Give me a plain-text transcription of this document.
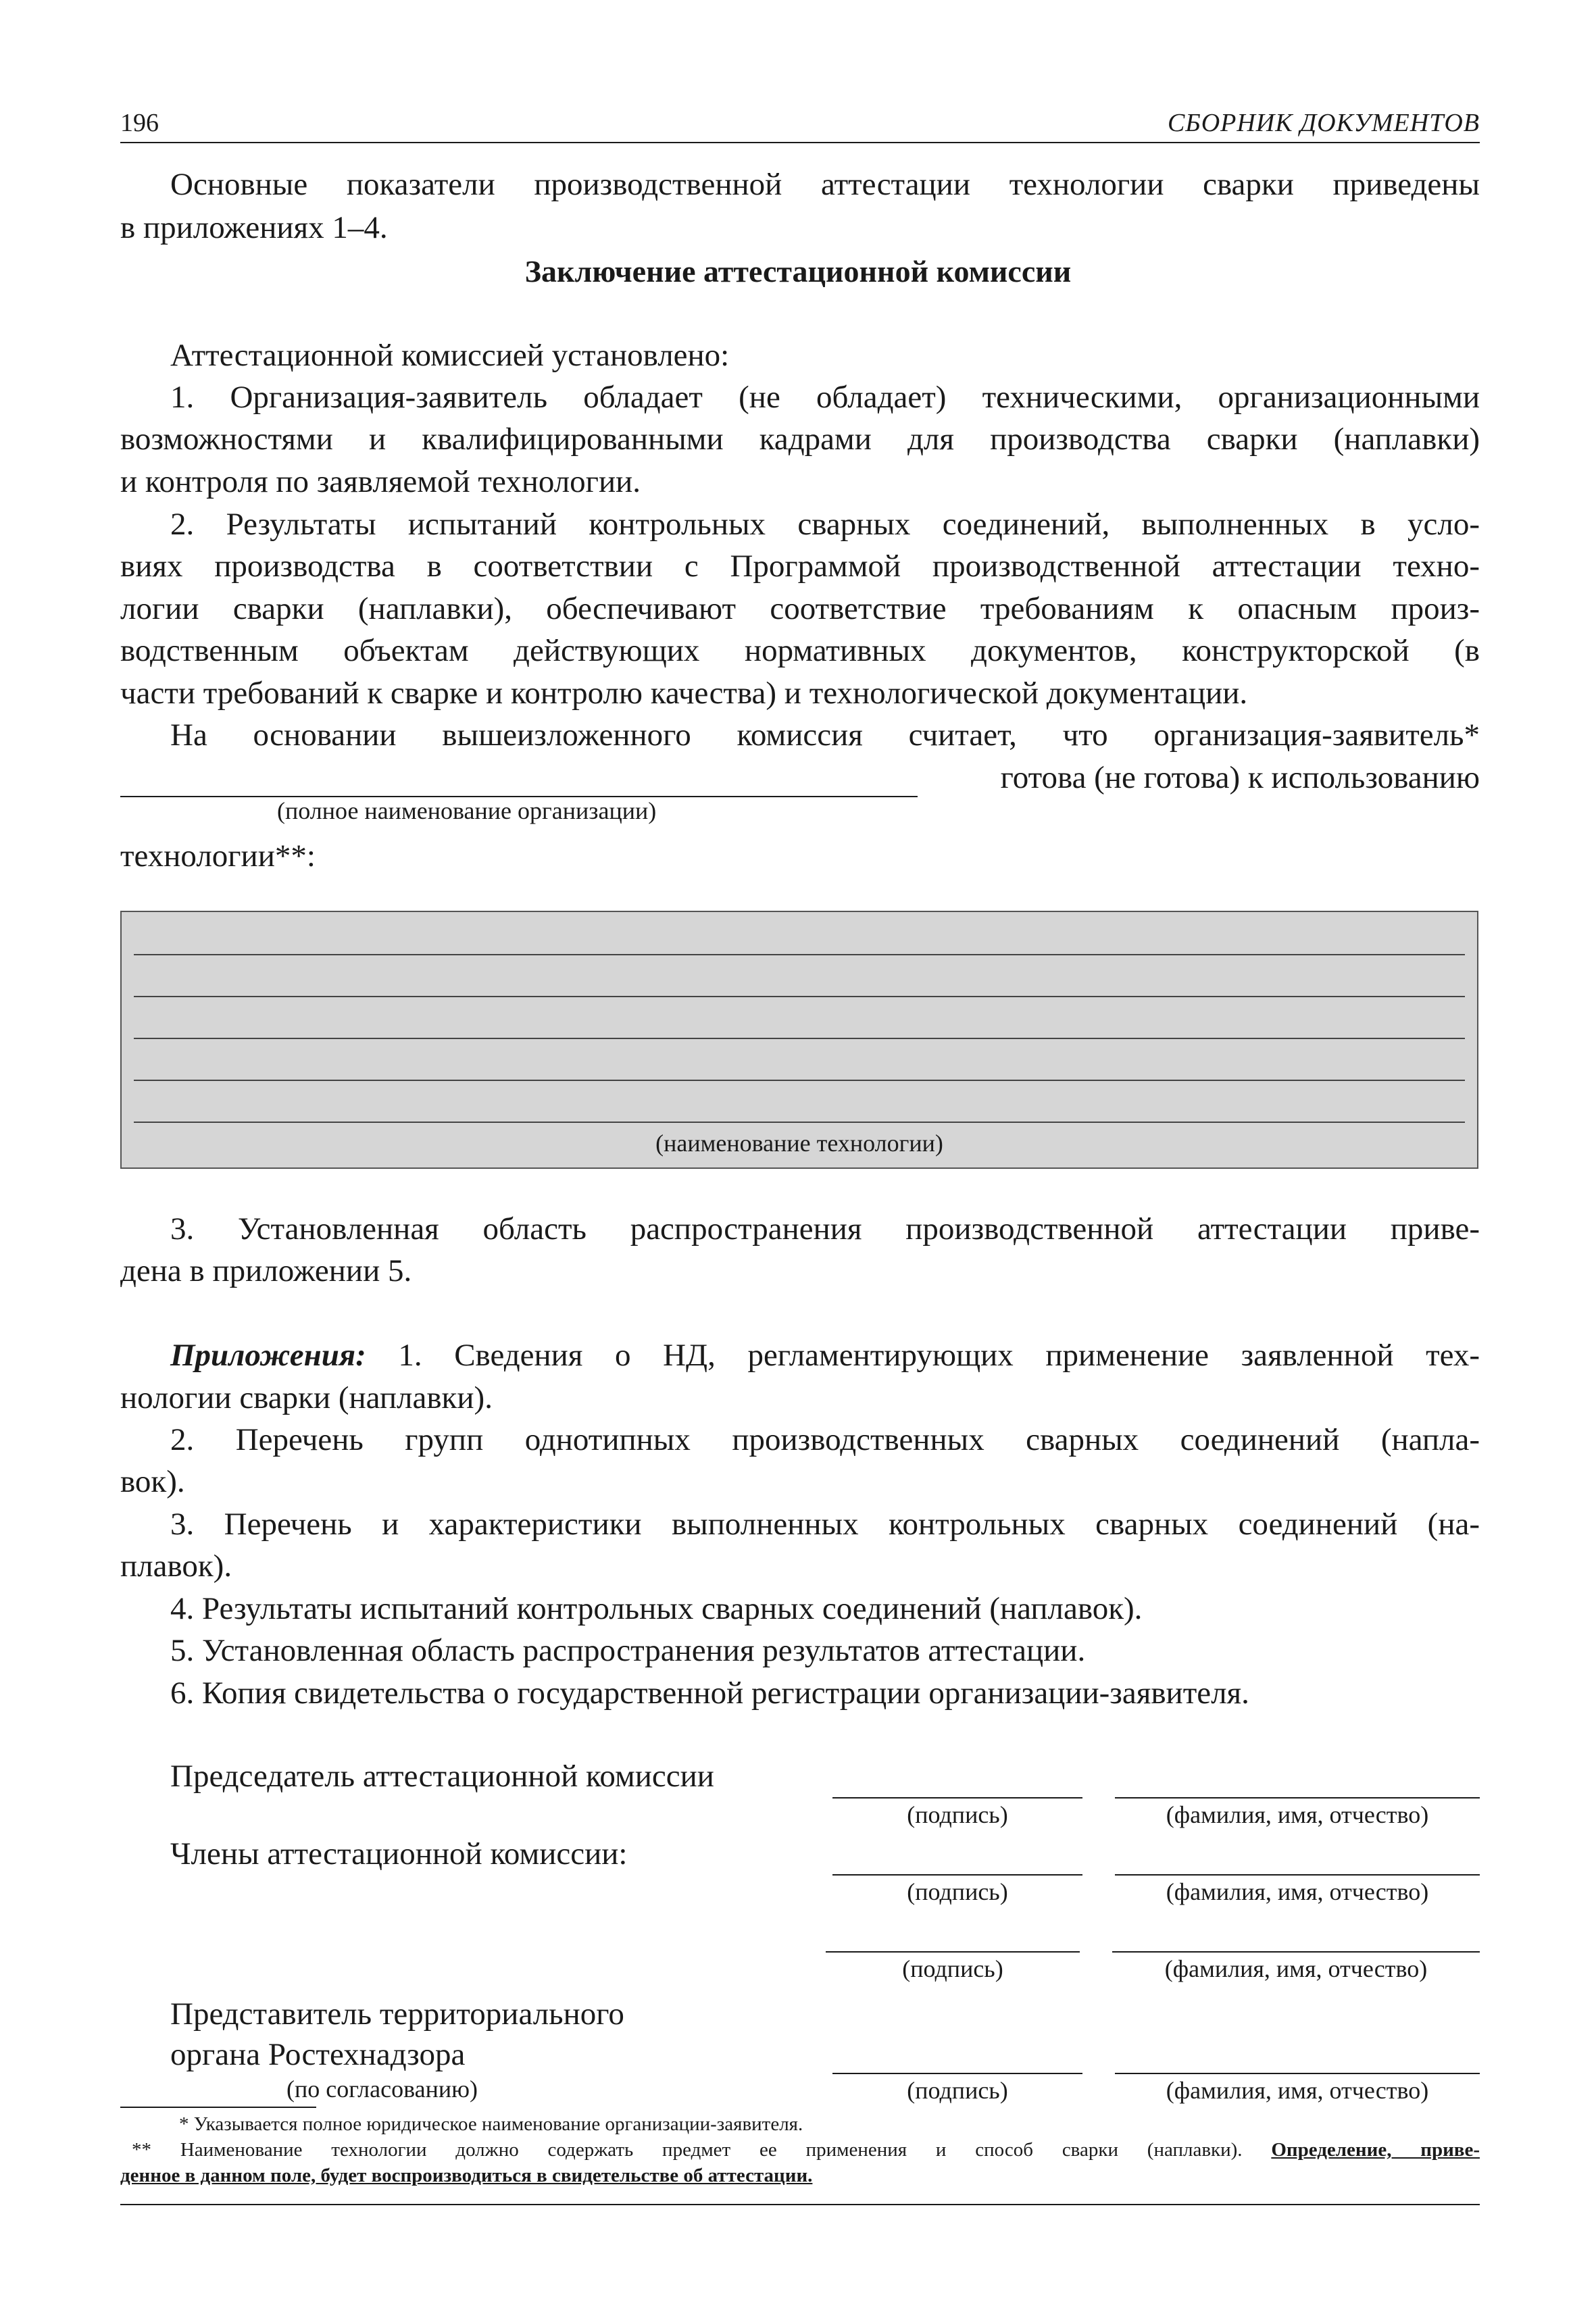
196	СБОРНИК ДОКУМЕНТОВ
Основные показатели производственной аттестации технологии сварки приведены
в приложениях 1–4.
Заключение аттестационной комиссии
Аттестационной комиссией установлено:
1. Организация-заявитель обладает (не обладает) техническими, организационными
возможностями и квалифицированными кадрами для производства сварки (наплавки)
и контроля по заявляемой технологии.
2. Результаты испытаний контрольных сварных соединений, выполненных в усло-
виях производства в соответствии с Программой производственной аттестации техно-
логии сварки (наплавки), обеспечивают соответствие требованиям к опасным произ-
водственным объектам действующих нормативных документов, конструкторской (в
части требований к сварке и контролю качества) и технологической документации.
На основании вышеизложенного комиссия считает, что организация-заявитель*
готова (не готова) к использованию
(полное наименование организации)
технологии**:
(наименование технологии)
3. Установленная область распространения производственной аттестации приве-
дена в приложении 5.
Приложения: 1. Сведения о НД, регламентирующих применение заявленной тех-
нологии сварки (наплавки).
2. Перечень групп однотипных производственных сварных соединений (напла-
вок).
3. Перечень и характеристики выполненных контрольных сварных соединений (на-
плавок).
4. Результаты испытаний контрольных сварных соединений (наплавок).
5. Установленная область распространения результатов аттестации.
6. Копия свидетельства о государственной регистрации организации-заявителя.
Председатель аттестационной комиссии
(подпись)	(фамилия, имя, отчество)
Члены аттестационной комиссии:
(подпись)	(фамилия, имя, отчество)
(подпись)	(фамилия, имя, отчество)
Представитель территориального
органа Ростехнадзора
(по согласованию)	(подпись)	(фамилия, имя, отчество)
* Указывается полное юридическое наименование организации-заявителя.
** Наименование технологии должно содержать предмет ее применения и способ сварки (наплавки). Определение, приве-
денное в данном поле, будет воспроизводиться в свидетельстве об аттестации.
